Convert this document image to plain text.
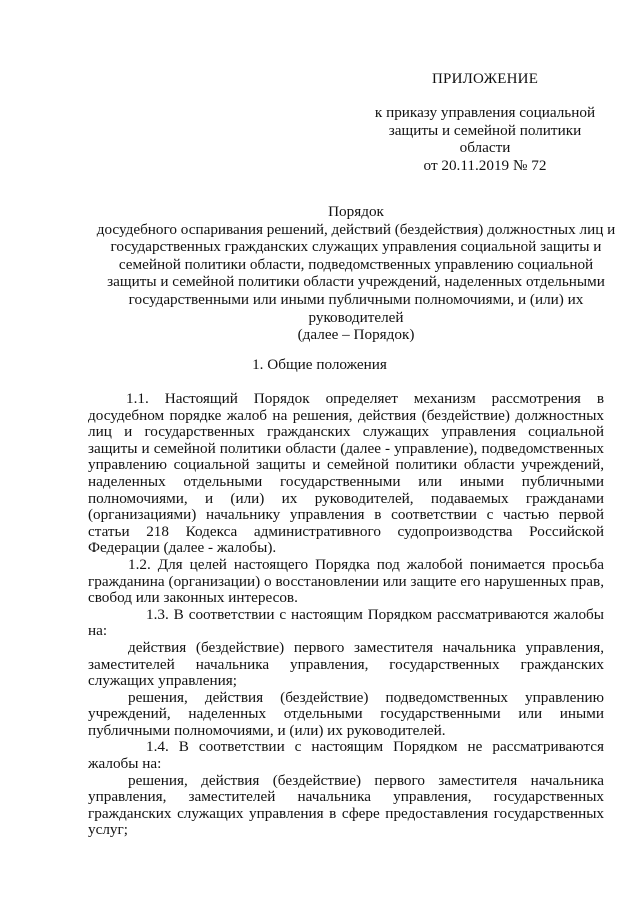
ПРИЛОЖЕНИЕ
к приказу управления социальной
защиты и семейной политики
области
от 20.11.2019 № 72
Порядок
досудебного оспаривания решений, действий (бездействия) должностных лиц и
государственных гражданских служащих управления социальной защиты и
семейной политики области, подведомственных управлению социальной
защиты и семейной политики области учреждений, наделенных отдельными
государственными или иными публичными полномочиями, и (или) их
руководителей
(далее – Порядок)
1. Общие положения

1.1. Настоящий Порядок определяет механизм рассмотрения в досудебном порядке жалоб на решения, действия (бездействие) должностных лиц и государственных гражданских служащих управления социальной защиты и семейной политики области (далее - управление), подведомственных управлению социальной защиты и семейной политики области учреждений, наделенных отдельными государственными или иными публичными полномочиями, и (или) их руководителей, подаваемых гражданами (организациями) начальнику управления в соответствии с частью первой статьи 218 Кодекса административного судопроизводства Российской Федерации (далее - жалобы).

1.2. Для целей настоящего Порядка под жалобой понимается просьба гражданина (организации) о восстановлении или защите его нарушенных прав, свобод или законных интересов.

1.3. В соответствии с настоящим Порядком рассматриваются жалобы на:

действия (бездействие) первого заместителя начальника управления, заместителей начальника управления, государственных гражданских служащих управления;

решения, действия (бездействие) подведомственных управлению учреждений, наделенных отдельными государственными или иными публичными полномочиями, и (или) их руководителей.

1.4. В соответствии с настоящим Порядком не рассматриваются жалобы на:

решения, действия (бездействие) первого заместителя начальника управления, заместителей начальника управления, государственных гражданских служащих управления в сфере предоставления государственных услуг;
